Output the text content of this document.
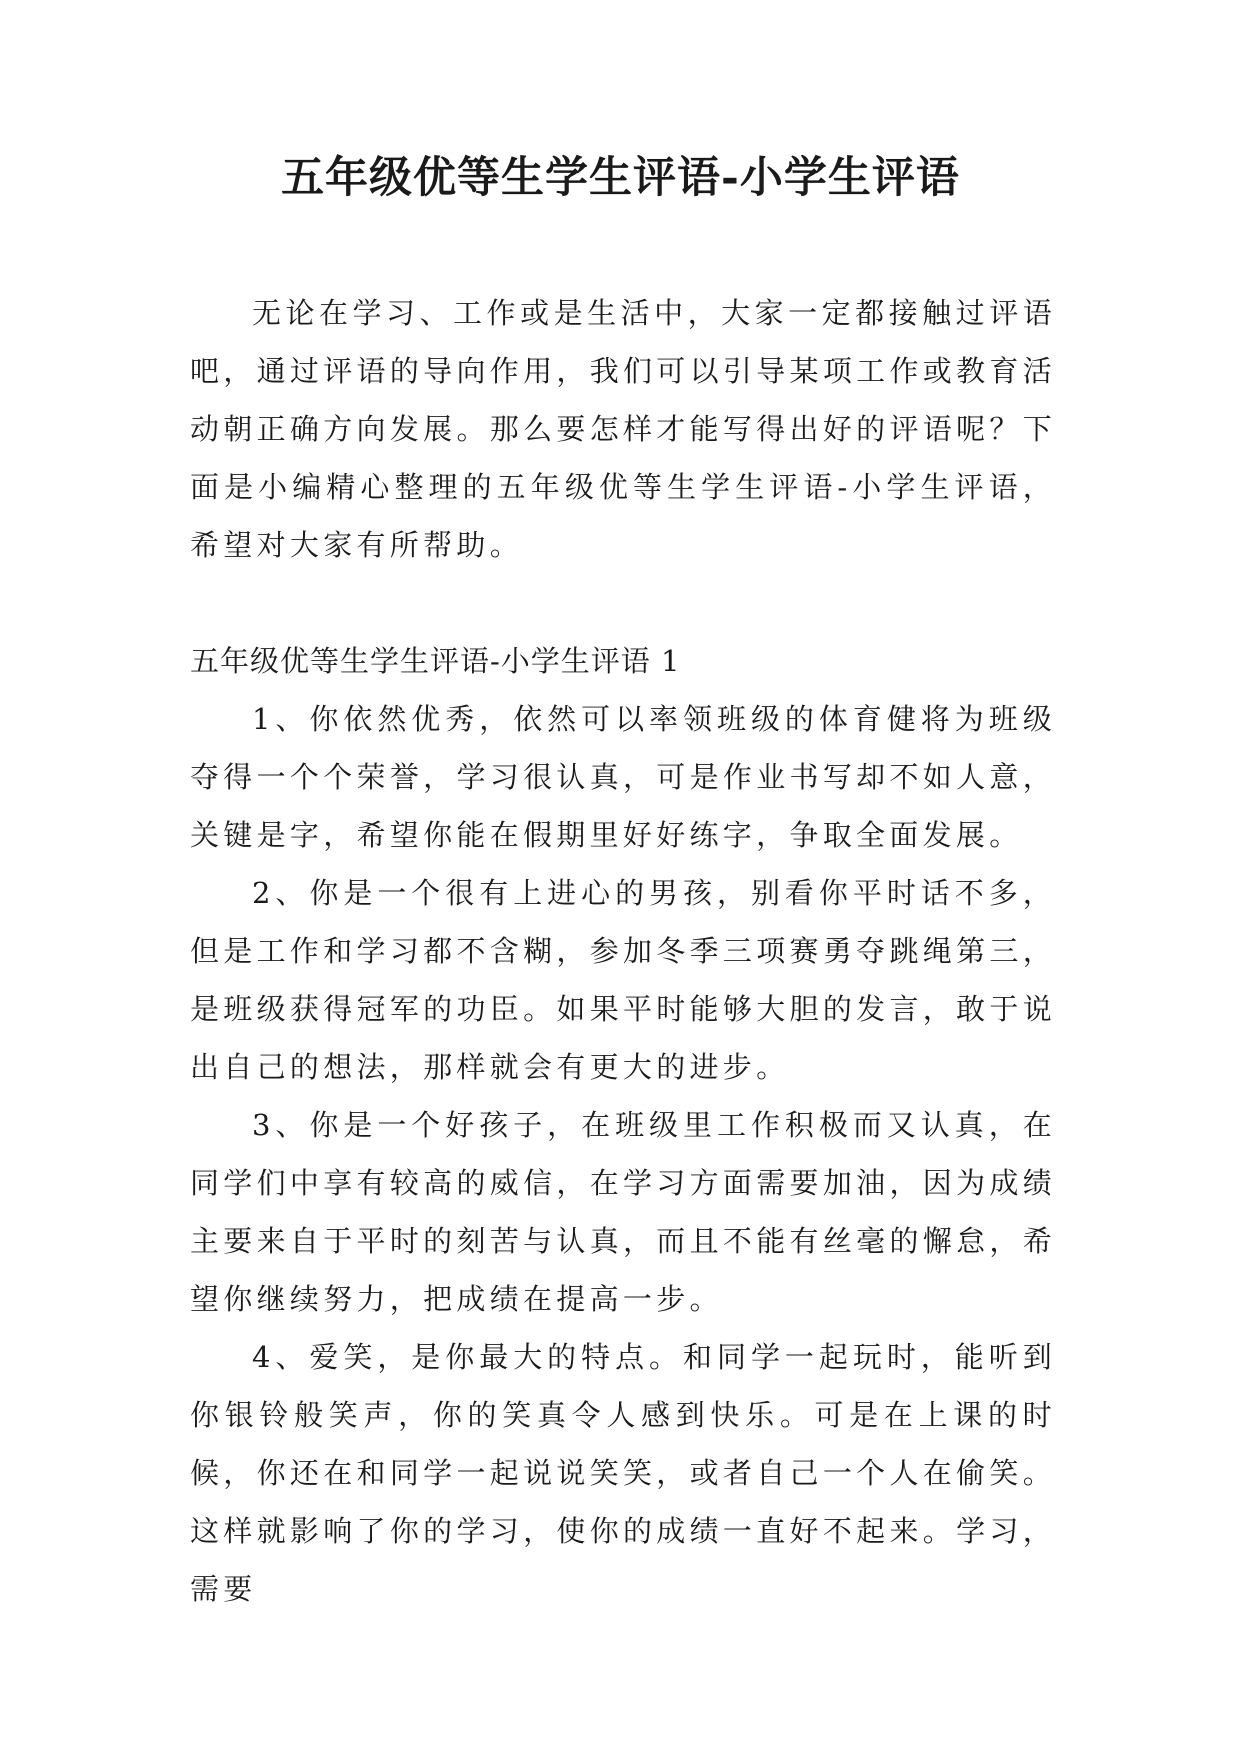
五年级优等生学生评语-小学生评语

无论在学习、工作或是生活中，大家一定都接触过评语吧，通过评语的导向作用，我们可以引导某项工作或教育活动朝正确方向发展。那么要怎样才能写得出好的评语呢？下面是小编精心整理的五年级优等生学生评语-小学生评语，希望对大家有所帮助。

五年级优等生学生评语-小学生评语 1

1、你依然优秀，依然可以率领班级的体育健将为班级夺得一个个荣誉，学习很认真，可是作业书写却不如人意，关键是字，希望你能在假期里好好练字，争取全面发展。

2、你是一个很有上进心的男孩，别看你平时话不多，但是工作和学习都不含糊，参加冬季三项赛勇夺跳绳第三，是班级获得冠军的功臣。如果平时能够大胆的发言，敢于说出自己的想法，那样就会有更大的进步。

3、你是一个好孩子，在班级里工作积极而又认真，在同学们中享有较高的威信，在学习方面需要加油，因为成绩主要来自于平时的刻苦与认真，而且不能有丝毫的懈怠，希望你继续努力，把成绩在提高一步。

4、爱笑，是你最大的特点。和同学一起玩时，能听到你银铃般笑声，你的笑真令人感到快乐。可是在上课的时候，你还在和同学一起说说笑笑，或者自己一个人在偷笑。这样就影响了你的学习，使你的成绩一直好不起来。学习，需要
